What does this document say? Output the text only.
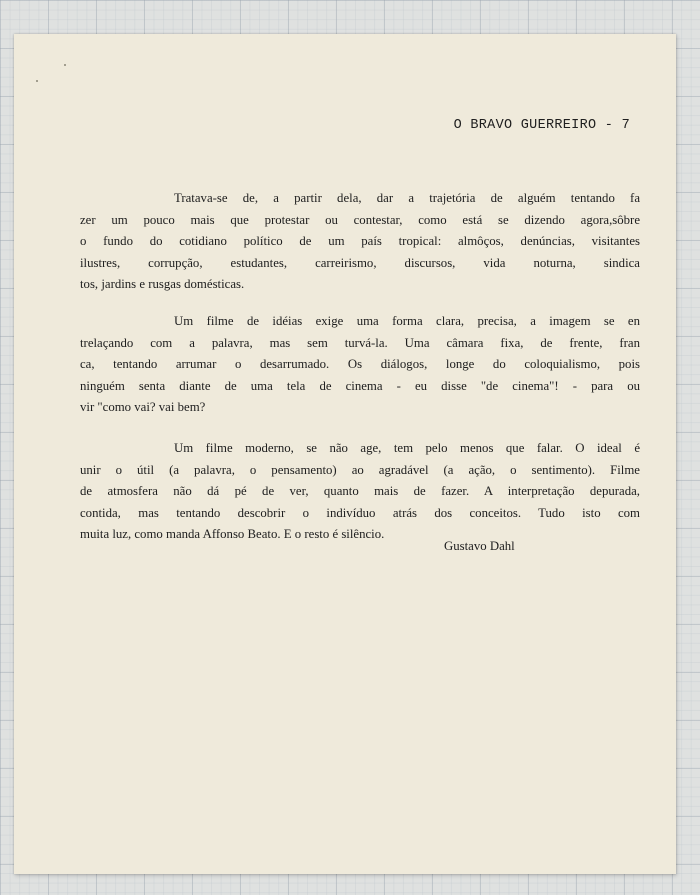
O BRAVO GUERREIRO - 7
Tratava-se de, a partir dela, dar a trajetória de alguém tentando fa
zer um pouco mais que protestar ou contestar, como está se dizendo agora,sôbre
o fundo do cotidiano político de um país tropical: almôços, denúncias, visitantes
ilustres, corrupção, estudantes, carreirismo, discursos, vida noturna, sindica
tos, jardins e rusgas domésticas.
Um filme de idéias exige uma forma clara, precisa, a imagem se en
trelaçando com a palavra, mas sem turvá-la. Uma câmara fixa, de frente, fran
ca, tentando arrumar o desarrumado. Os diálogos, longe do coloquialismo, pois
ninguém senta diante de uma tela de cinema - eu disse "de cinema"! - para ou
vir "como vai? vai bem?
Um filme moderno, se não age, tem pelo menos que falar. O ideal é
unir o útil (a palavra, o pensamento) ao agradável (a ação, o sentimento). Filme
de atmosfera não dá pé de ver, quanto mais de fazer. A interpretação depurada,
contida, mas tentando descobrir o indivíduo atrás dos conceitos. Tudo isto com
muita luz, como manda Affonso Beato. E o resto é silêncio.
Gustavo Dahl
